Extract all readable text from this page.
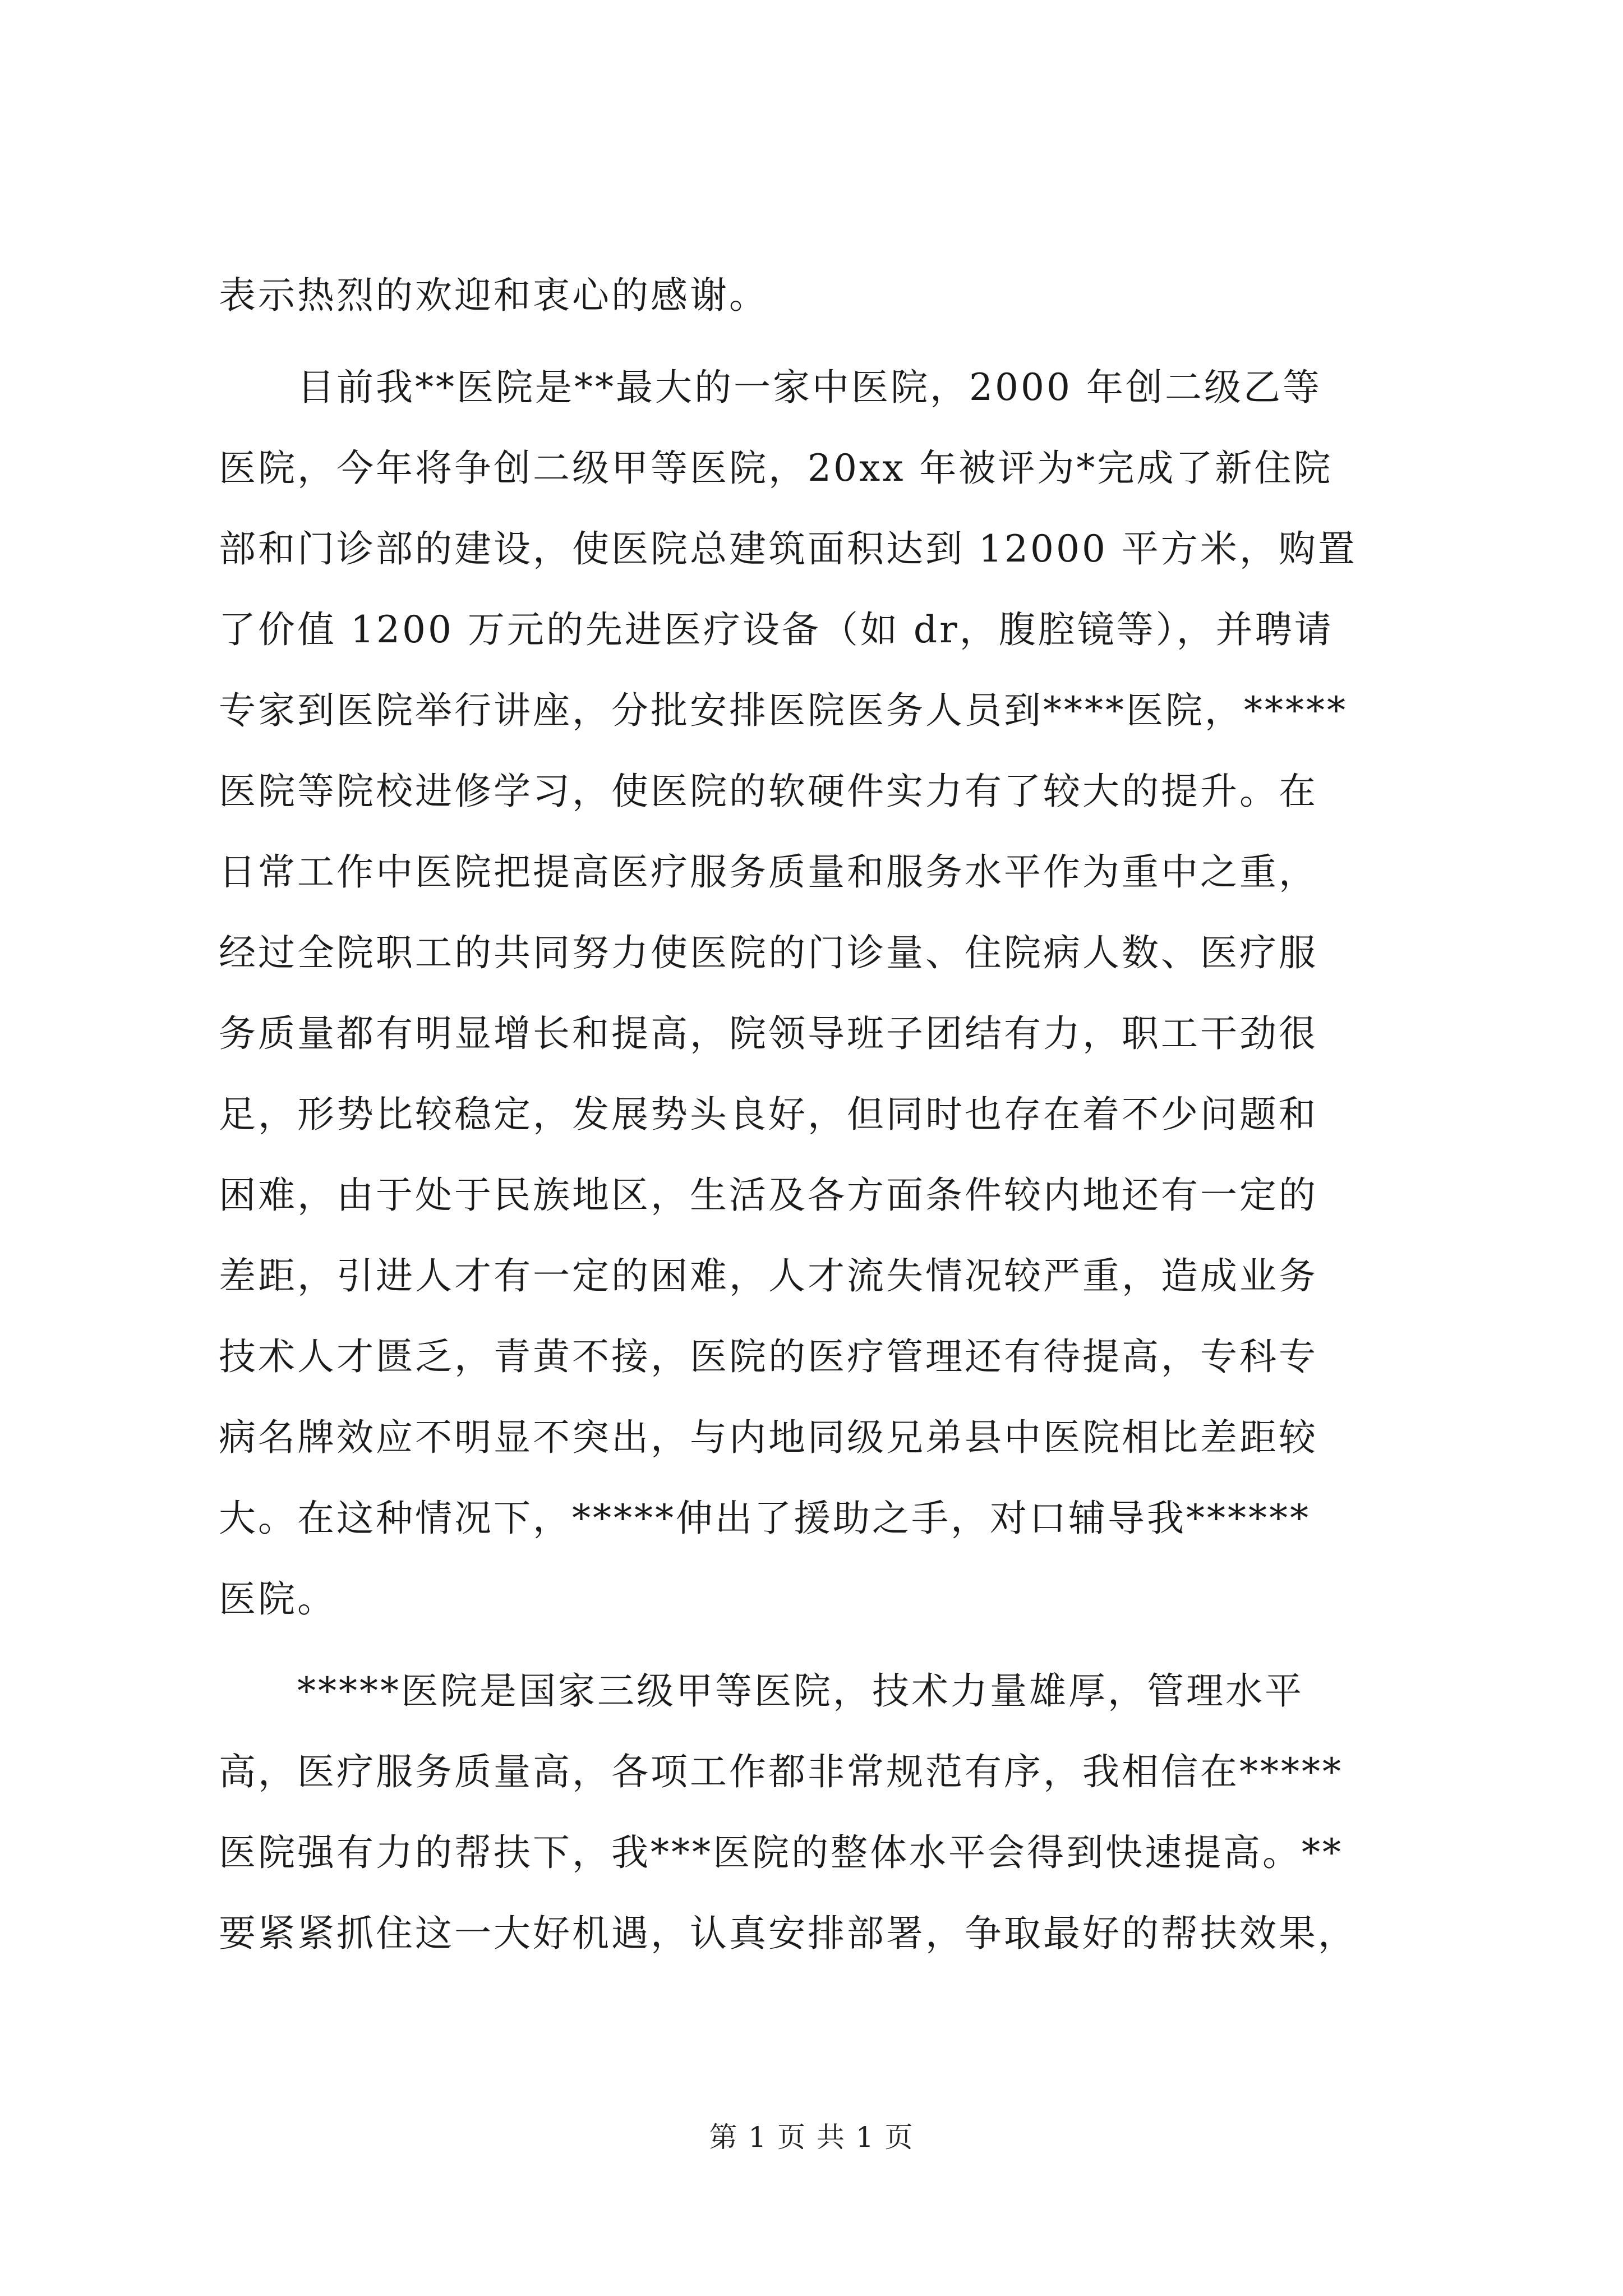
表示热烈的欢迎和衷心的感谢。
目前我**医院是**最大的一家中医院，2000 年创二级乙等
医院，今年将争创二级甲等医院，20xx 年被评为*完成了新住院
部和门诊部的建设，使医院总建筑面积达到 12000 平方米，购置
了价值 1200 万元的先进医疗设备（如 dr，腹腔镜等），并聘请
专家到医院举行讲座，分批安排医院医务人员到****医院，*****
医院等院校进修学习，使医院的软硬件实力有了较大的提升。在
日常工作中医院把提高医疗服务质量和服务水平作为重中之重，
经过全院职工的共同努力使医院的门诊量、住院病人数、医疗服
务质量都有明显增长和提高，院领导班子团结有力，职工干劲很
足，形势比较稳定，发展势头良好，但同时也存在着不少问题和
困难，由于处于民族地区，生活及各方面条件较内地还有一定的
差距，引进人才有一定的困难，人才流失情况较严重，造成业务
技术人才匮乏，青黄不接，医院的医疗管理还有待提高，专科专
病名牌效应不明显不突出，与内地同级兄弟县中医院相比差距较
大。在这种情况下，*****伸出了援助之手，对口辅导我******
医院。
*****医院是国家三级甲等医院，技术力量雄厚，管理水平
高，医疗服务质量高，各项工作都非常规范有序，我相信在*****
医院强有力的帮扶下，我***医院的整体水平会得到快速提高。**
要紧紧抓住这一大好机遇，认真安排部署，争取最好的帮扶效果，
第 1 页 共 1 页
